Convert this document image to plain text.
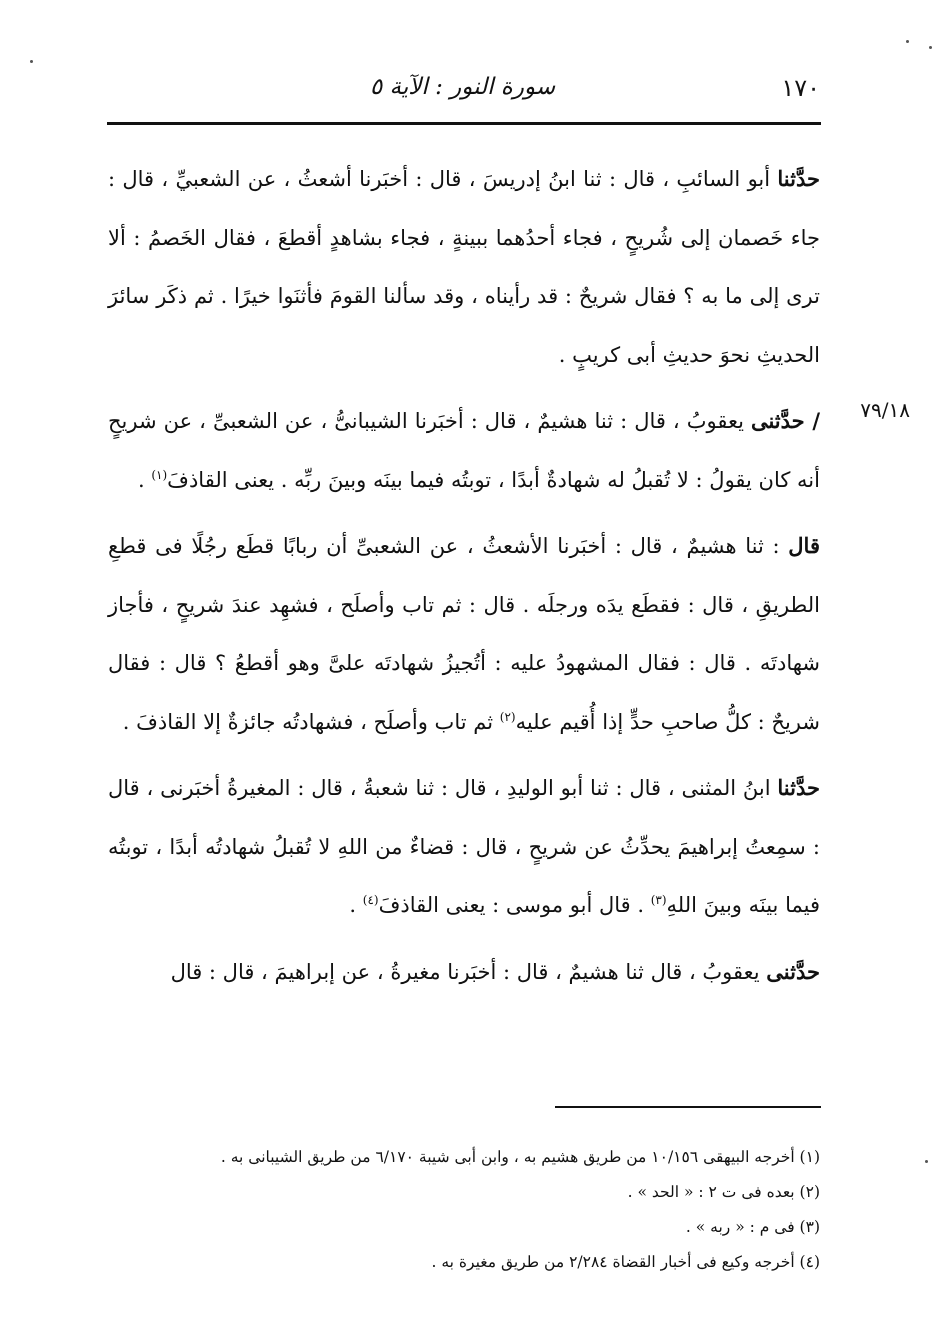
١٧٠
سورة النور : الآية ٥
٧٩/١٨

حدَّثنا أبو السائبِ ، قال : ثنا ابنُ إدريسَ ، قال : أخبَرنا أشعثُ ، عن الشعبيِّ ، قال : جاء خَصمان إلى شُريحٍ ، فجاء أحدُهما ببينةٍ ، فجاء بشاهدٍ أقطعَ ، فقال الخَصمُ : ألا ترى إلى ما به ؟ فقال شريحٌ : قد رأيناه ، وقد سألنا القومَ فأثنَوا خيرًا . ثم ذكَر سائرَ الحديثِ نحوَ حديثِ أبى كريبٍ .

/ حدَّثنى يعقوبُ ، قال : ثنا هشيمٌ ، قال : أخبَرنا الشيبانىُّ ، عن الشعبىِّ ، عن شريحٍ أنه كان يقولُ : لا تُقبلُ له شهادةٌ أبدًا ، توبتُه فيما بينَه وبينَ ربِّه . يعنى القاذفَ$^{(١)}$ .

قال : ثنا هشيمٌ ، قال : أخبَرنا الأشعثُ ، عن الشعبىِّ أن ربابًا قطَع رجُلًا فى قطعِ الطريقِ ، قال : فقطَع يدَه ورجلَه . قال : ثم تاب وأصلَح ، فشهِد عندَ شريحٍ ، فأجاز شهادتَه . قال : فقال المشهودُ عليه : أتُجيزُ شهادتَه علىَّ وهو أقطعُ ؟ قال : فقال شريحٌ : كلُّ صاحبِ حدٍّ إذا أُقيم عليه$^{(٢)}$ ثم تاب وأصلَح ، فشهادتُه جائزةٌ إلا القاذفَ .

حدَّثنا ابنُ المثنى ، قال : ثنا أبو الوليدِ ، قال : ثنا شعبةُ ، قال : المغيرةُ أخبَرنى ، قال : سمِعتُ إبراهيمَ يحدِّثُ عن شريحٍ ، قال : قضاءٌ من اللهِ لا تُقبلُ شهادتُه أبدًا ، توبتُه فيما بينَه وبينَ اللهِ$^{(٣)}$ . قال أبو موسى : يعنى القاذفَ$^{(٤)}$ .

حدَّثنى يعقوبُ ، قال ثنا هشيمٌ ، قال : أخبَرنا مغيرةُ ، عن إبراهيمَ ، قال : قال

(١) أخرجه البيهقى ١٠/١٥٦ من طريق هشيم به ، وابن أبى شيبة ٦/١٧٠ من طريق الشيبانى به .

(٢) بعده فى ت ٢ : « الحد » .

(٣) فى م : « ربه » .

(٤) أخرجه وكيع فى أخبار القضاة ٢/٢٨٤ من طريق مغيرة به .
